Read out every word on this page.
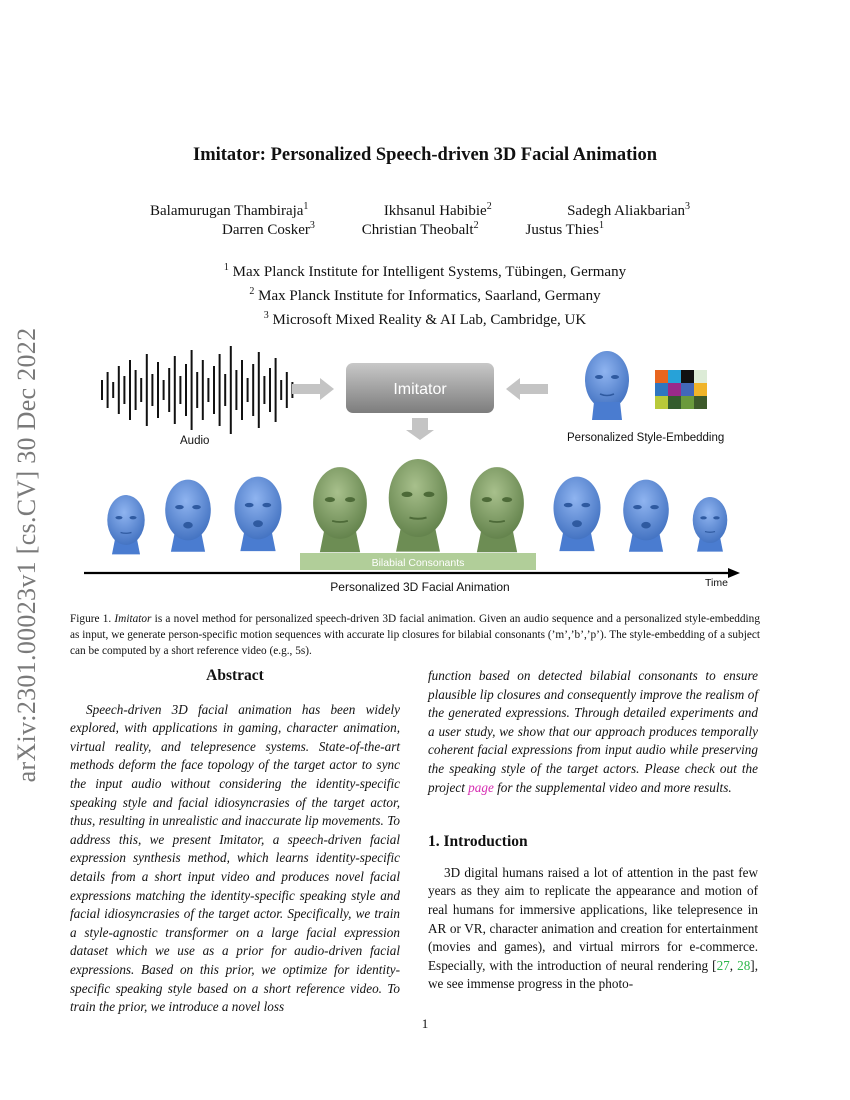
arXiv:2301.00023v1 [cs.CV] 30 Dec 2022
Imitator: Personalized Speech-driven 3D Facial Animation
Balamurugan Thambiraja$^1$	Ikhsanul Habibie$^2$	Sadegh Aliakbarian$^3$
Darren Cosker$^3$	Christian Theobalt$^2$	Justus Thies$^1$
$^1$ Max Planck Institute for Intelligent Systems, Tübingen, Germany
$^2$ Max Planck Institute for Informatics, Saarland, Germany
$^3$ Microsoft Mixed Reality & AI Lab, Cambridge, UK
Audio
Imitator
Personalized Style-Embedding
Bilabial Consonants
Time
Personalized 3D Facial Animation
Figure 1. Imitator is a novel method for personalized speech-driven 3D facial animation. Given an audio sequence and a personalized style-embedding as input, we generate person-specific motion sequences with accurate lip closures for bilabial consonants (’m’,’b’,’p’). The style-embedding of a subject can be computed by a short reference video (e.g., 5s).
Abstract
Speech-driven 3D facial animation has been widely explored, with applications in gaming, character animation, virtual reality, and telepresence systems. State-of-the-art methods deform the face topology of the target actor to sync the input audio without considering the identity-specific speaking style and facial idiosyncrasies of the target actor, thus, resulting in unrealistic and inaccurate lip movements. To address this, we present Imitator, a speech-driven facial expression synthesis method, which learns identity-specific details from a short input video and produces novel facial expressions matching the identity-specific speaking style and facial idiosyncrasies of the target actor. Specifically, we train a style-agnostic transformer on a large facial expression dataset which we use as a prior for audio-driven facial expressions. Based on this prior, we optimize for identity-specific speaking style based on a short reference video. To train the prior, we introduce a novel loss
function based on detected bilabial consonants to ensure plausible lip closures and consequently improve the realism of the generated expressions. Through detailed experiments and a user study, we show that our approach produces temporally coherent facial expressions from input audio while preserving the speaking style of the target actors. Please check out the project page for the supplemental video and more results.
1. Introduction
3D digital humans raised a lot of attention in the past few years as they aim to replicate the appearance and motion of real humans for immersive applications, like telepresence in AR or VR, character animation and creation for entertainment (movies and games), and virtual mirrors for e-commerce. Especially, with the introduction of neural rendering [27, 28], we see immense progress in the photo-
1
